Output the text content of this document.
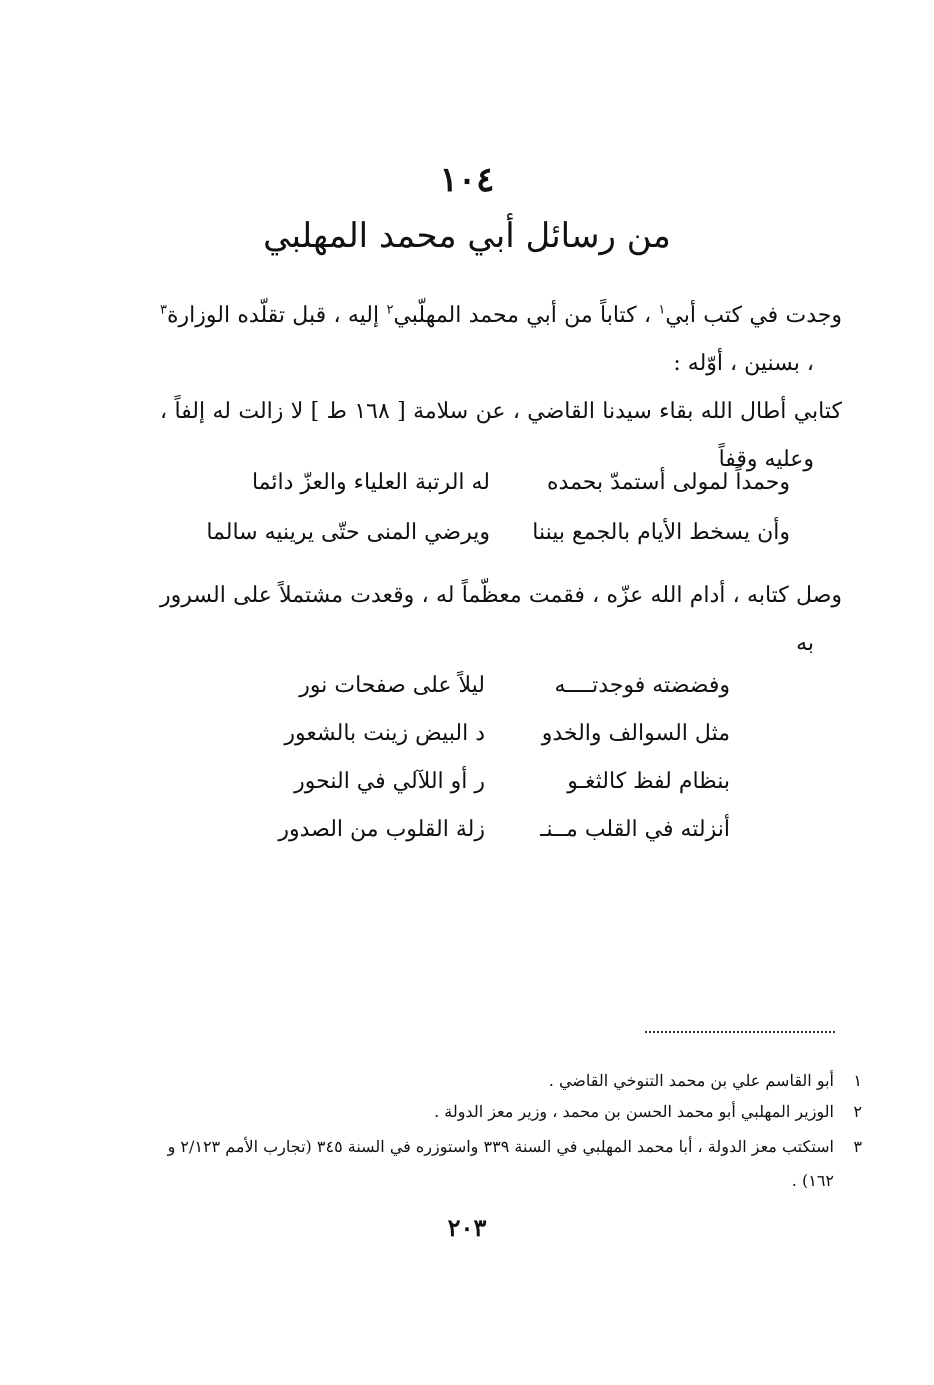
١٠٤
من رسائل أبي محمد المهلبي

وجدت في كتب أبي$^١$ ، كتاباً من أبي محمد المهلّبي$^٢$ إليه ، قبل تقلّده الوزارة$^٣$ ، بسنين ، أوّله :

كتابي أطال الله بقاء سيدنا القاضي ، عن سلامة [ ١٦٨ ط ] لا زالت له إلفاً ، وعليه وقفاً

وحمداً لمولى أستمدّ بحمده
له الرتبة العلياء والعزّ دائما
وأن يسخط الأيام بالجمع بيننا
ويرضي المنى حتّى يرينيه سالما

وصل كتابه ، أدام الله عزّه ، فقمت معظّماً له ، وقعدت مشتملاً على السرور به

وفضضته فوجدتــــه
ليلاً على صفحات نور
مثل السوالف والخدو
د البيض زينت بالشعور
بنظام لفظ كالثغـو
ر أو اللآلي في النحور
أنزلته في القلب مــنـ
زلة القلوب من الصدور
١
أبو القاسم علي بن محمد التنوخي القاضي .
٢
الوزير المهلبي أبو محمد الحسن بن محمد ، وزير معز الدولة .
٣
استكتب معز الدولة ، أبا محمد المهلبي في السنة ٣٣٩ واستوزره في السنة ٣٤٥ (تجارب الأمم ٢/١٢٣ و ١٦٢) .
٢٠٣
